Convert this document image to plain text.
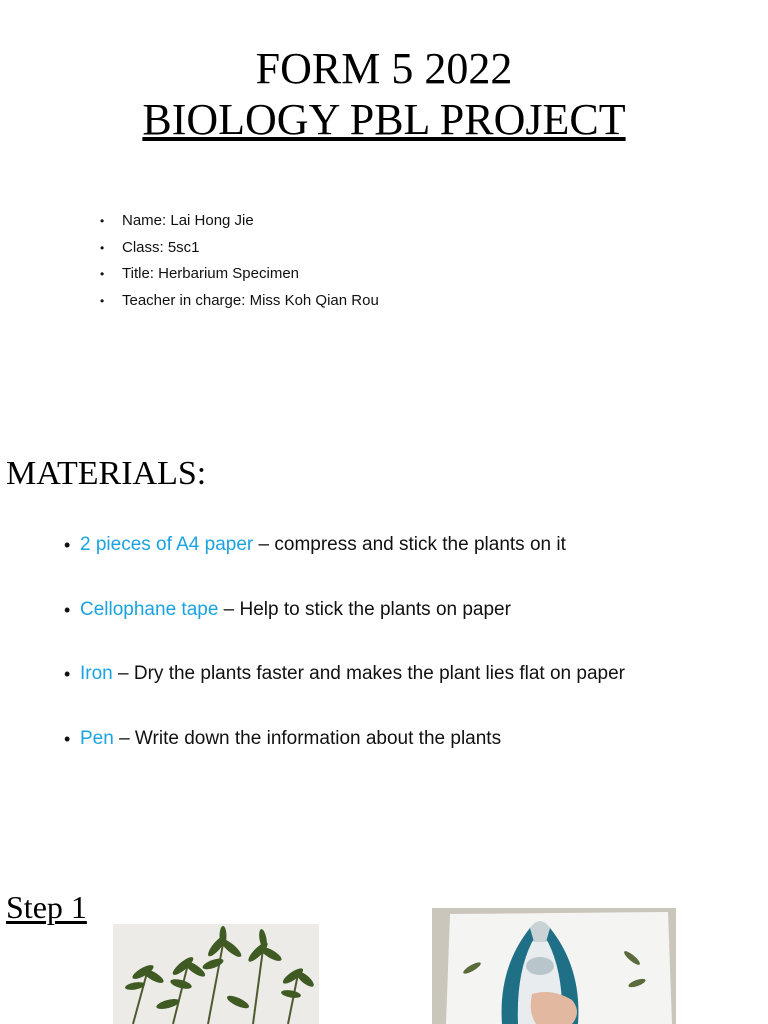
FORM 5 2022
BIOLOGY PBL PROJECT
• Name: Lai Hong Jie
• Class: 5sc1
• Title: Herbarium Specimen
• Teacher in charge: Miss Koh Qian Rou
MATERIALS:
• 2 pieces of A4 paper – compress and stick the plants on it
• Cellophane tape – Help to stick the plants on paper
• Iron – Dry the plants faster and makes the plant lies flat on paper
• Pen – Write down the information about the plants
Step 1
